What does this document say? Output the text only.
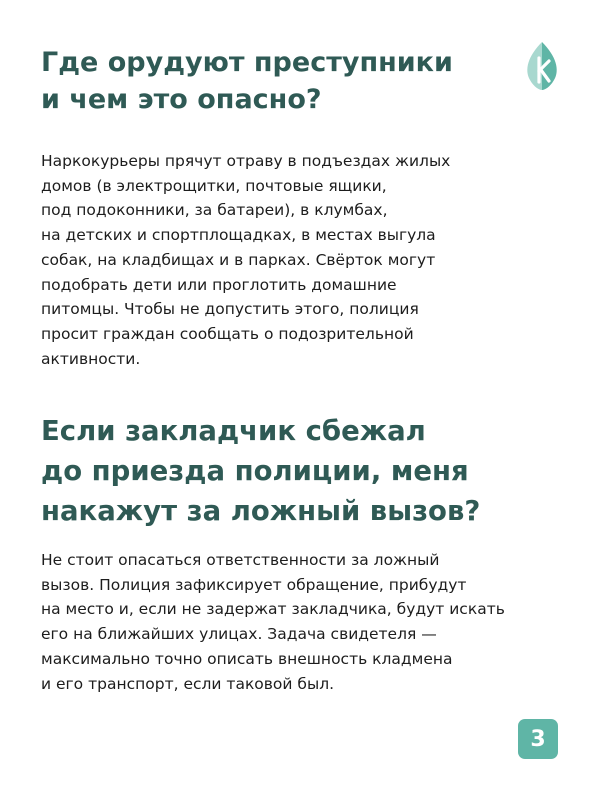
Где орудуют преступники
и чем это опасно?

Наркокурьеры прячут отраву в подъездах жилых
домов (в электрощитки, почтовые ящики,
под подоконники, за батареи), в клумбах,
на детских и спортплощадках, в местах выгула
собак, на кладбищах и в парках. Свёрток могут
подобрать дети или проглотить домашние
питомцы. Чтобы не допустить этого, полиция
просит граждан сообщать о подозрительной
активности.

Если закладчик сбежал
до приезда полиции, меня
накажут за ложный вызов?

Не стоит опасаться ответственности за ложный
вызов. Полиция зафиксирует обращение, прибудут
на место и, если не задержат закладчика, будут искать
его на ближайших улицах. Задача свидетеля —
максимально точно описать внешность кладмена
и его транспорт, если таковой был.

3
